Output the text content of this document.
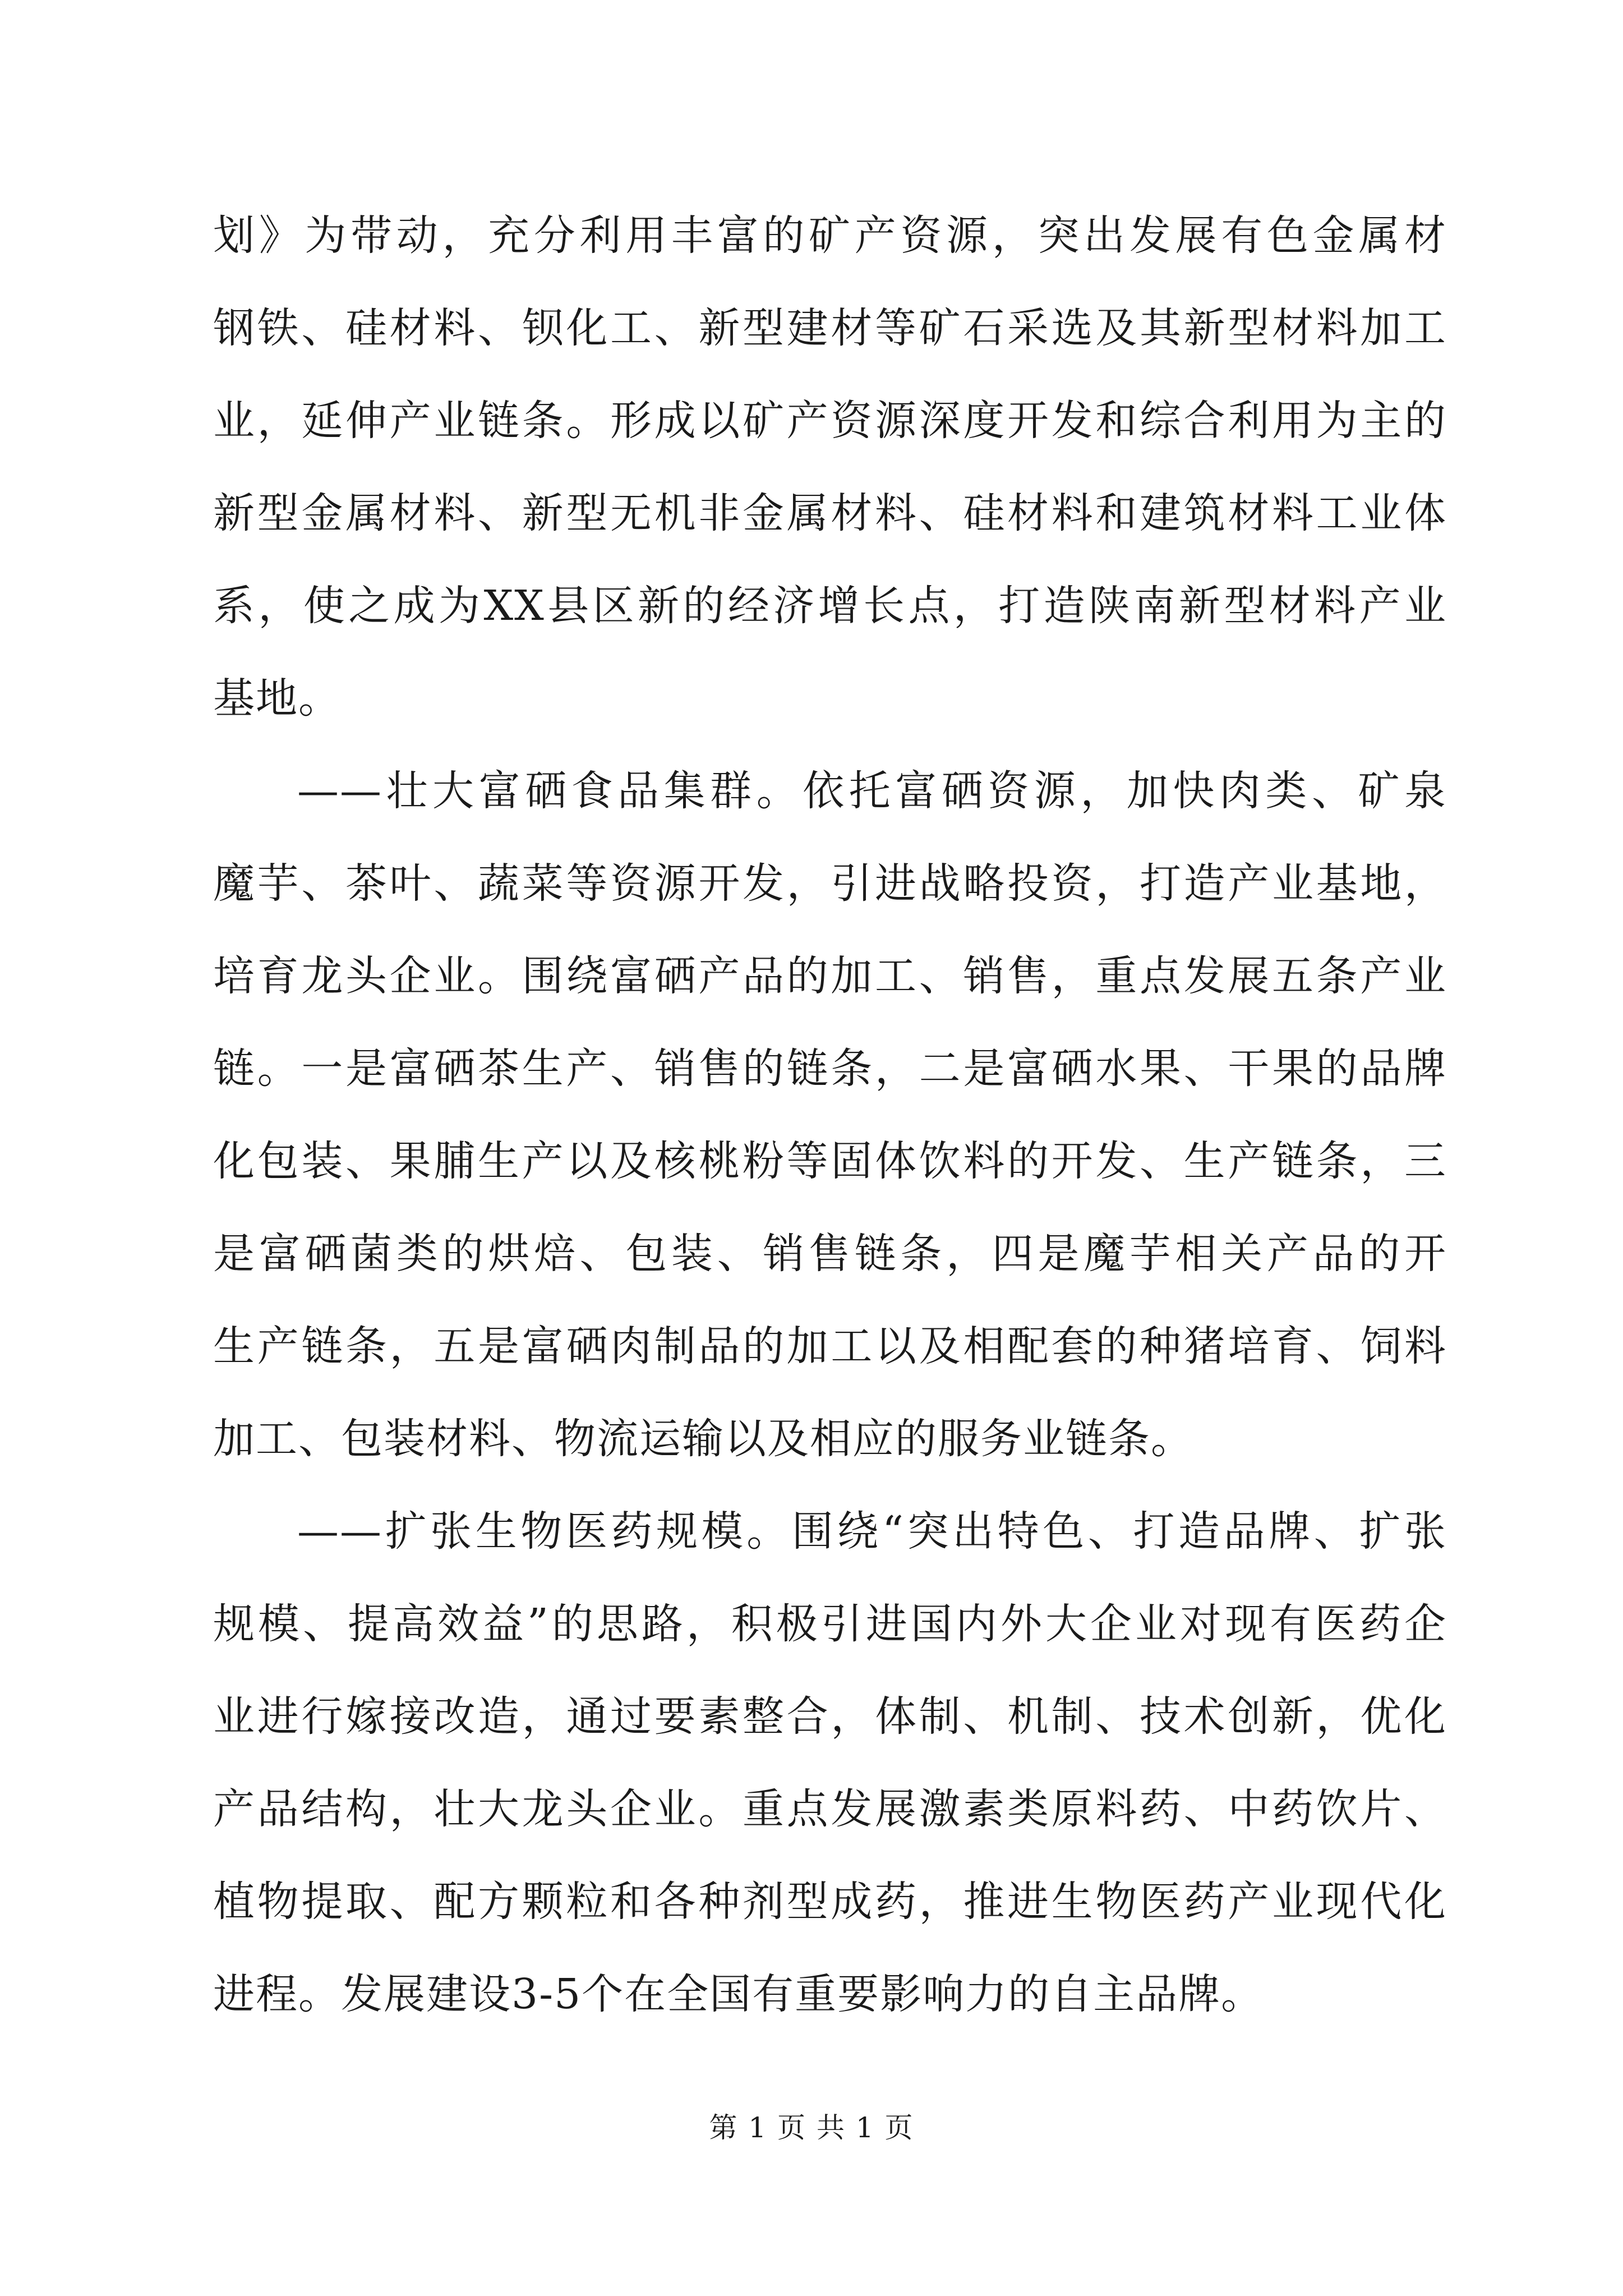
划》为带动，充分利用丰富的矿产资源，突出发展有色金属材
钢铁、硅材料、钡化工、新型建材等矿石采选及其新型材料加工
业，延伸产业链条。形成以矿产资源深度开发和综合利用为主的
新型金属材料、新型无机非金属材料、硅材料和建筑材料工业体
系，使之成为XX县区新的经济增长点，打造陕南新型材料产业
基地。
——壮大富硒食品集群。依托富硒资源，加快肉类、矿泉
魔芋、茶叶、蔬菜等资源开发，引进战略投资，打造产业基地，
培育龙头企业。围绕富硒产品的加工、销售，重点发展五条产业
链。一是富硒茶生产、销售的链条，二是富硒水果、干果的品牌
化包装、果脯生产以及核桃粉等固体饮料的开发、生产链条，三
是富硒菌类的烘焙、包装、销售链条，四是魔芋相关产品的开
生产链条，五是富硒肉制品的加工以及相配套的种猪培育、饲料
加工、包装材料、物流运输以及相应的服务业链条。
——扩张生物医药规模。围绕“突出特色、打造品牌、扩张
规模、提高效益”的思路，积极引进国内外大企业对现有医药企
业进行嫁接改造，通过要素整合，体制、机制、技术创新，优化
产品结构，壮大龙头企业。重点发展激素类原料药、中药饮片、
植物提取、配方颗粒和各种剂型成药，推进生物医药产业现代化
进程。发展建设3-5个在全国有重要影响力的自主品牌。
第 1 页 共 1 页
